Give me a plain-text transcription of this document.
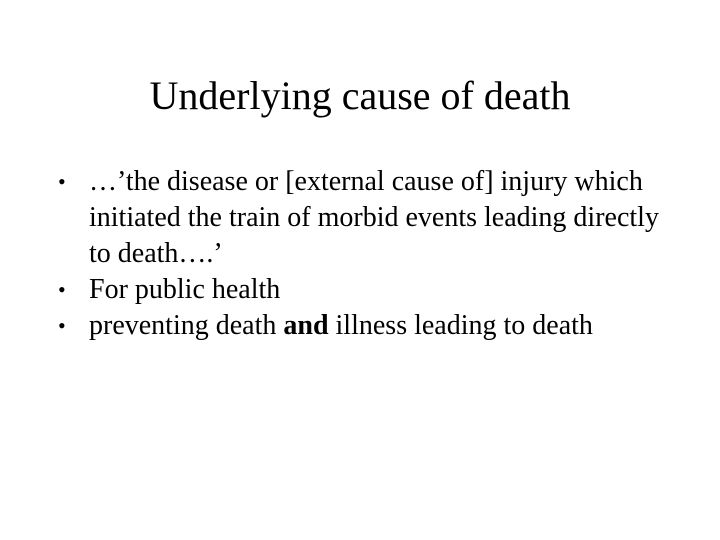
Underlying cause of death
• …’the disease or [external cause of] injury which initiated the train of morbid events leading directly to death….’
• For public health
• preventing death and illness leading to death
